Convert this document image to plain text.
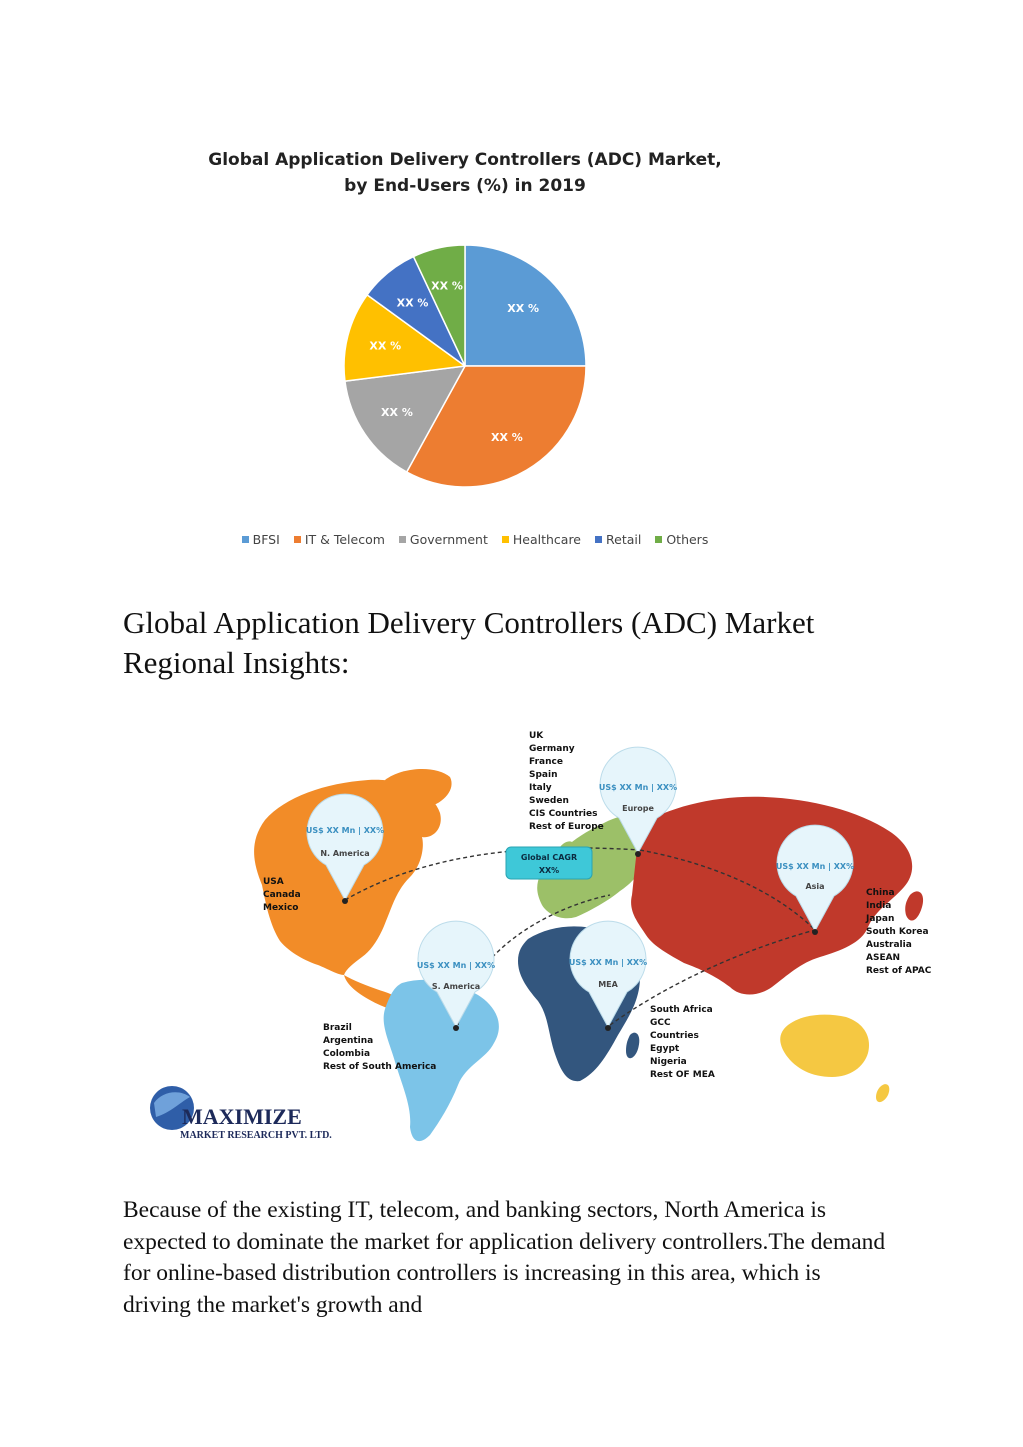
XX %
XX %
XX %
XX %
XX %
XX %
Global Application Delivery Controllers (ADC) Market,
by End-Users (%) in 2019
BFSI IT & Telecom Government Healthcare Retail Others
Global Application Delivery Controllers (ADC) Market Regional Insights:
US$ XX Mn | XX%
N. America
US$ XX Mn | XX%
Europe
US$ XX Mn | XX%
Asia
US$ XX Mn | XX%
S. America
US$ XX Mn | XX%
MEA
Global CAGR
XX%
USA
Canada
Mexico
UK
Germany
France
Spain
Italy
Sweden
CIS Countries
Rest of Europe
China
India
Japan
South Korea
Australia
ASEAN
Rest of APAC
Brazil
Argentina
Colombia
Rest of South America
South Africa
GCC
Countries
Egypt
Nigeria
Rest OF MEA
MAXIMIZE
MARKET RESEARCH PVT. LTD.

Because of the existing IT, telecom, and banking sectors, North America is expected to dominate the market for application delivery controllers.The demand for online-based distribution controllers is increasing in this area, which is driving the market's growth and
